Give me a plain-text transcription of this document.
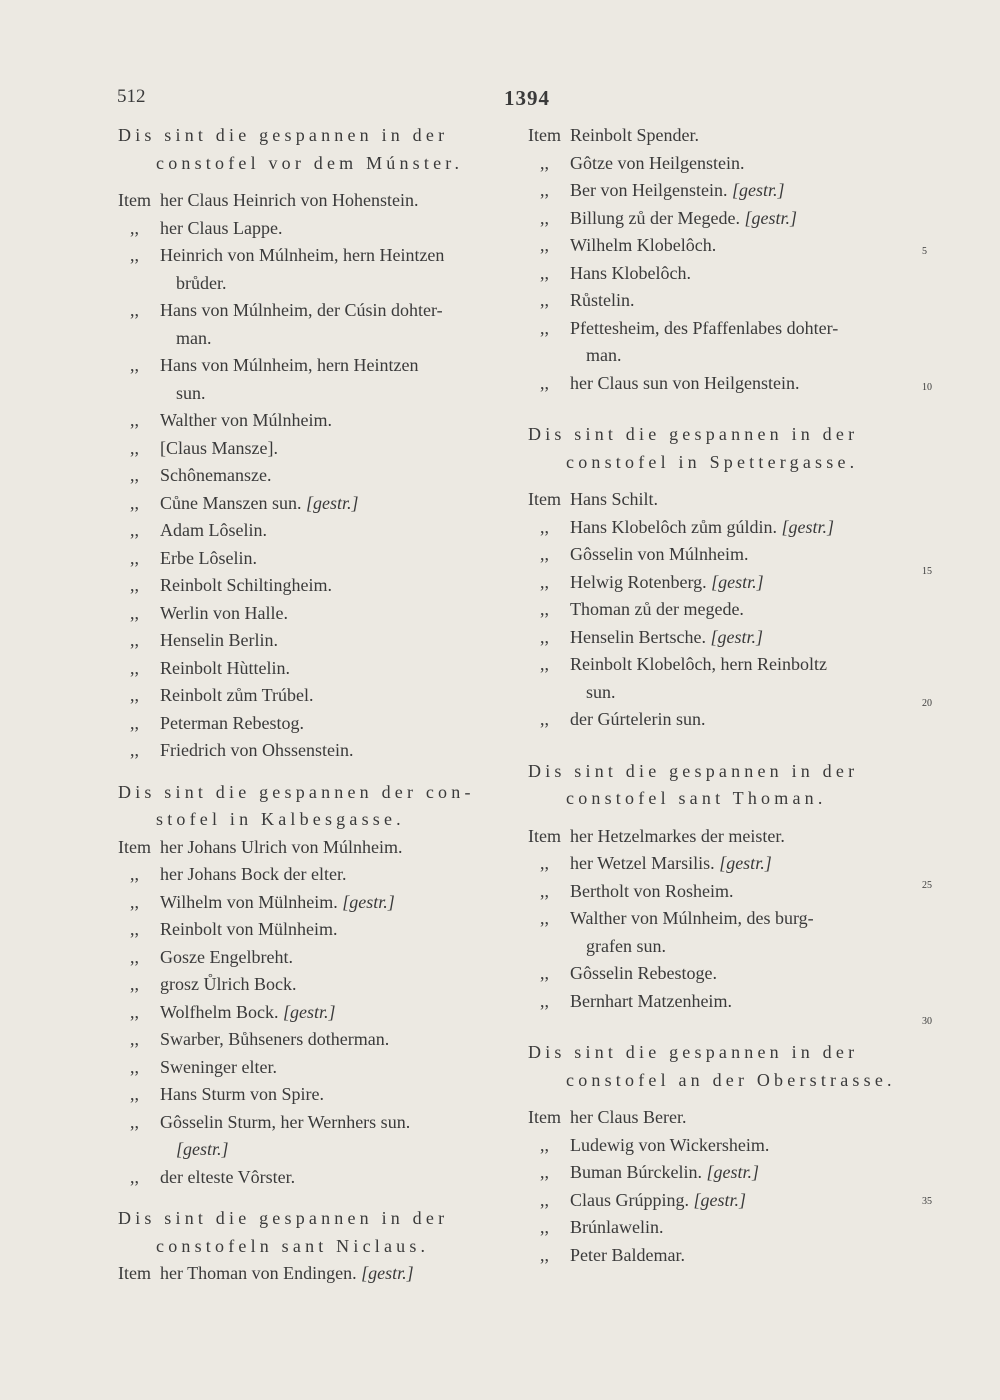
512	1394
Dis sint die gespannen in der
constofel vor dem Múnster.
Item her Claus Heinrich von Hohenstein.
,, her Claus Lappe.
,, Heinrich von Múlnheim, hern Heintzen
brůder.
,, Hans von Múlnheim, der Cúsin dohter-
man.
,, Hans von Múlnheim, hern Heintzen
sun.
,, Walther von Múlnheim.
,, [Claus Mansze].
,, Schônemansze.
,, Cůne Manszen sun. [gestr.]
,, Adam Lôselin.
,, Erbe Lôselin.
,, Reinbolt Schiltingheim.
,, Werlin von Halle.
,, Henselin Berlin.
,, Reinbolt Hùttelin.
,, Reinbolt zům Trúbel.
,, Peterman Rebestog.
,, Friedrich von Ohssenstein.
Dis sint die gespannen der con-
stofel in Kalbesgasse.
Item her Johans Ulrich von Múlnheim.
,, her Johans Bock der elter.
,, Wilhelm von Mülnheim. [gestr.]
,, Reinbolt von Mülnheim.
,, Gosze Engelbreht.
,, grosz Ůlrich Bock.
,, Wolfhelm Bock. [gestr.]
,, Swarber, Bůhseners dotherman.
,, Sweninger elter.
,, Hans Sturm von Spire.
,, Gôsselin Sturm, her Wernhers sun.
[gestr.]
,, der elteste Vôrster.
Dis sint die gespannen in der
constofeln sant Niclaus.
Item her Thoman von Endingen. [gestr.]
Item Reinbolt Spender.
,, Gôtze von Heilgenstein.
,, Ber von Heilgenstein. [gestr.]
,, Billung zů der Megede. [gestr.]
,, Wilhelm Klobelôch.
,, Hans Klobelôch.
,, Růstelin.
,, Pfettesheim, des Pfaffenlabes dohter-
man.
,, her Claus sun von Heilgenstein.
Dis sint die gespannen in der
constofel in Spettergasse.
Item Hans Schilt.
,, Hans Klobelôch zům gúldin. [gestr.]
,, Gôsselin von Múlnheim.
,, Helwig Rotenberg. [gestr.]
,, Thoman zů der megede.
,, Henselin Bertsche. [gestr.]
,, Reinbolt Klobelôch, hern Reinboltz
sun.
,, der Gúrtelerin sun.
Dis sint die gespannen in der
constofel sant Thoman.
Item her Hetzelmarkes der meister.
,, her Wetzel Marsilis. [gestr.]
,, Bertholt von Rosheim.
,, Walther von Múlnheim, des burg-
grafen sun.
,, Gôsselin Rebestoge.
,, Bernhart Matzenheim.
Dis sint die gespannen in der
constofel an der Oberstrasse.
Item her Claus Berer.
,, Ludewig von Wickersheim.
,, Buman Búrckelin. [gestr.]
,, Claus Grúpping. [gestr.]
,, Brúnlawelin.
,, Peter Baldemar.
5
10
15
20
25
30
35
